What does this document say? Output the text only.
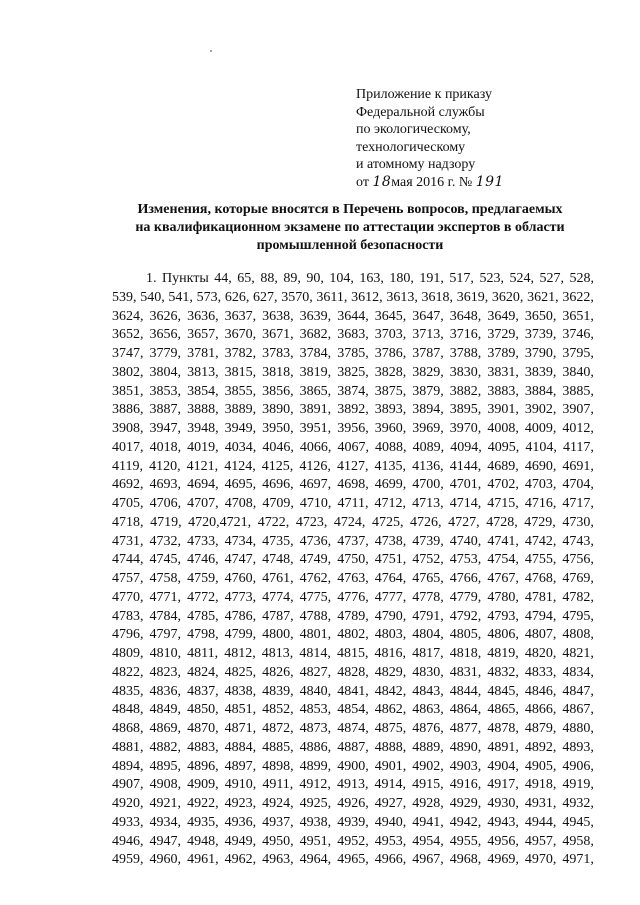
Приложение к приказу
Федеральной службы
по экологическому,
технологическому
и атомному надзору
от 18мая 2016 г. № 191
Изменения, которые вносятся в Перечень вопросов, предлагаемых
на квалификационном экзамене по аттестации экспертов в области
промышленной безопасности
1. Пункты 44, 65, 88, 89, 90, 104, 163, 180, 191, 517, 523, 524, 527, 528,
539, 540, 541, 573, 626, 627, 3570, 3611, 3612, 3613, 3618, 3619, 3620, 3621, 3622,
3624, 3626, 3636, 3637, 3638, 3639, 3644, 3645, 3647, 3648, 3649, 3650, 3651,
3652, 3656, 3657, 3670, 3671, 3682, 3683, 3703, 3713, 3716, 3729, 3739, 3746,
3747, 3779, 3781, 3782, 3783, 3784, 3785, 3786, 3787, 3788, 3789, 3790, 3795,
3802, 3804, 3813, 3815, 3818, 3819, 3825, 3828, 3829, 3830, 3831, 3839, 3840,
3851, 3853, 3854, 3855, 3856, 3865, 3874, 3875, 3879, 3882, 3883, 3884, 3885,
3886, 3887, 3888, 3889, 3890, 3891, 3892, 3893, 3894, 3895, 3901, 3902, 3907,
3908, 3947, 3948, 3949, 3950, 3951, 3956, 3960, 3969, 3970, 4008, 4009, 4012,
4017, 4018, 4019, 4034, 4046, 4066, 4067, 4088, 4089, 4094, 4095, 4104, 4117,
4119, 4120, 4121, 4124, 4125, 4126, 4127, 4135, 4136, 4144, 4689, 4690, 4691,
4692, 4693, 4694, 4695, 4696, 4697, 4698, 4699, 4700, 4701, 4702, 4703, 4704,
4705, 4706, 4707, 4708, 4709, 4710, 4711, 4712, 4713, 4714, 4715, 4716, 4717,
4718, 4719, 4720,4721, 4722, 4723, 4724, 4725, 4726, 4727, 4728, 4729, 4730,
4731, 4732, 4733, 4734, 4735, 4736, 4737, 4738, 4739, 4740, 4741, 4742, 4743,
4744, 4745, 4746, 4747, 4748, 4749, 4750, 4751, 4752, 4753, 4754, 4755, 4756,
4757, 4758, 4759, 4760, 4761, 4762, 4763, 4764, 4765, 4766, 4767, 4768, 4769,
4770, 4771, 4772, 4773, 4774, 4775, 4776, 4777, 4778, 4779, 4780, 4781, 4782,
4783, 4784, 4785, 4786, 4787, 4788, 4789, 4790, 4791, 4792, 4793, 4794, 4795,
4796, 4797, 4798, 4799, 4800, 4801, 4802, 4803, 4804, 4805, 4806, 4807, 4808,
4809, 4810, 4811, 4812, 4813, 4814, 4815, 4816, 4817, 4818, 4819, 4820, 4821,
4822, 4823, 4824, 4825, 4826, 4827, 4828, 4829, 4830, 4831, 4832, 4833, 4834,
4835, 4836, 4837, 4838, 4839, 4840, 4841, 4842, 4843, 4844, 4845, 4846, 4847,
4848, 4849, 4850, 4851, 4852, 4853, 4854, 4862, 4863, 4864, 4865, 4866, 4867,
4868, 4869, 4870, 4871, 4872, 4873, 4874, 4875, 4876, 4877, 4878, 4879, 4880,
4881, 4882, 4883, 4884, 4885, 4886, 4887, 4888, 4889, 4890, 4891, 4892, 4893,
4894, 4895, 4896, 4897, 4898, 4899, 4900, 4901, 4902, 4903, 4904, 4905, 4906,
4907, 4908, 4909, 4910, 4911, 4912, 4913, 4914, 4915, 4916, 4917, 4918, 4919,
4920, 4921, 4922, 4923, 4924, 4925, 4926, 4927, 4928, 4929, 4930, 4931, 4932,
4933, 4934, 4935, 4936, 4937, 4938, 4939, 4940, 4941, 4942, 4943, 4944, 4945,
4946, 4947, 4948, 4949, 4950, 4951, 4952, 4953, 4954, 4955, 4956, 4957, 4958,
4959, 4960, 4961, 4962, 4963, 4964, 4965, 4966, 4967, 4968, 4969, 4970, 4971,
